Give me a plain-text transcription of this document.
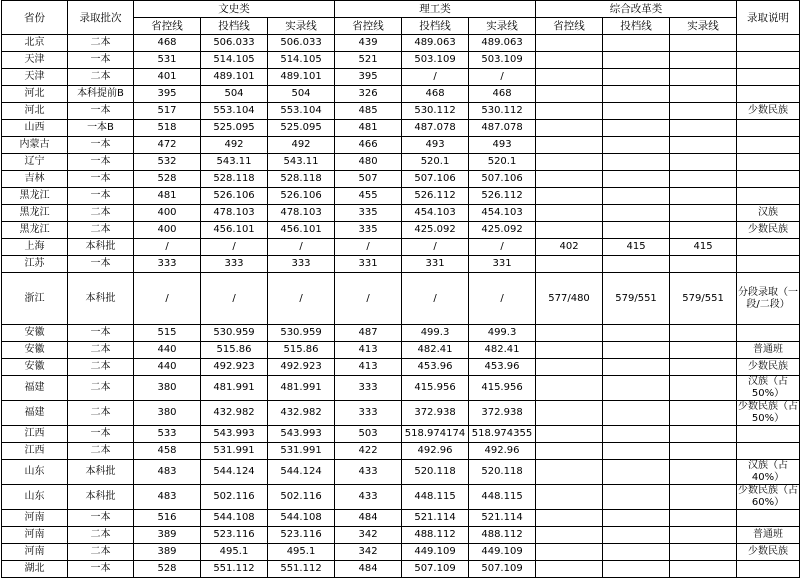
省份	录取批次	文史类			理工类			综合改革类			录取说明
		省控线	投档线	实录线	省控线	投档线	实录线	省控线	投档线	实录线	
北京	二本	468	506.033	506.033	439	489.063	489.063				
天津	一本	531	514.105	514.105	521	503.109	503.109				
天津	二本	401	489.101	489.101	395	/	/				
河北	本科提前B	395	504	504	326	468	468				
河北	一本	517	553.104	553.104	485	530.112	530.112				少数民族
山西	一本B	518	525.095	525.095	481	487.078	487.078				
内蒙古	一本	472	492	492	466	493	493				
辽宁	一本	532	543.11	543.11	480	520.1	520.1				
吉林	一本	528	528.118	528.118	507	507.106	507.106				
黑龙江	一本	481	526.106	526.106	455	526.112	526.112				
黑龙江	二本	400	478.103	478.103	335	454.103	454.103				汉族
黑龙江	二本	400	456.101	456.101	335	425.092	425.092				少数民族
上海	本科批	/	/	/	/	/	/	402	415	415	
江苏	一本	333	333	333	331	331	331				
浙江	本科批	/	/	/	/	/	/	577/480	579/551	579/551	分段录取（一段/二段）
安徽	一本	515	530.959	530.959	487	499.3	499.3				
安徽	二本	440	515.86	515.86	413	482.41	482.41				普通班
安徽	二本	440	492.923	492.923	413	453.96	453.96				少数民族
福建	二本	380	481.991	481.991	333	415.956	415.956				汉族（占50%）
福建	二本	380	432.982	432.982	333	372.938	372.938				少数民族（占50%）
江西	一本	533	543.993	543.993	503	518.974174	518.974355				
江西	二本	458	531.991	531.991	422	492.96	492.96				
山东	本科批	483	544.124	544.124	433	520.118	520.118				汉族（占40%）
山东	本科批	483	502.116	502.116	433	448.115	448.115				少数民族（占60%）
河南	一本	516	544.108	544.108	484	521.114	521.114				
河南	二本	389	523.116	523.116	342	488.112	488.112				普通班
河南	二本	389	495.1	495.1	342	449.109	449.109				少数民族
湖北	一本	528	551.112	551.112	484	507.109	507.109				
